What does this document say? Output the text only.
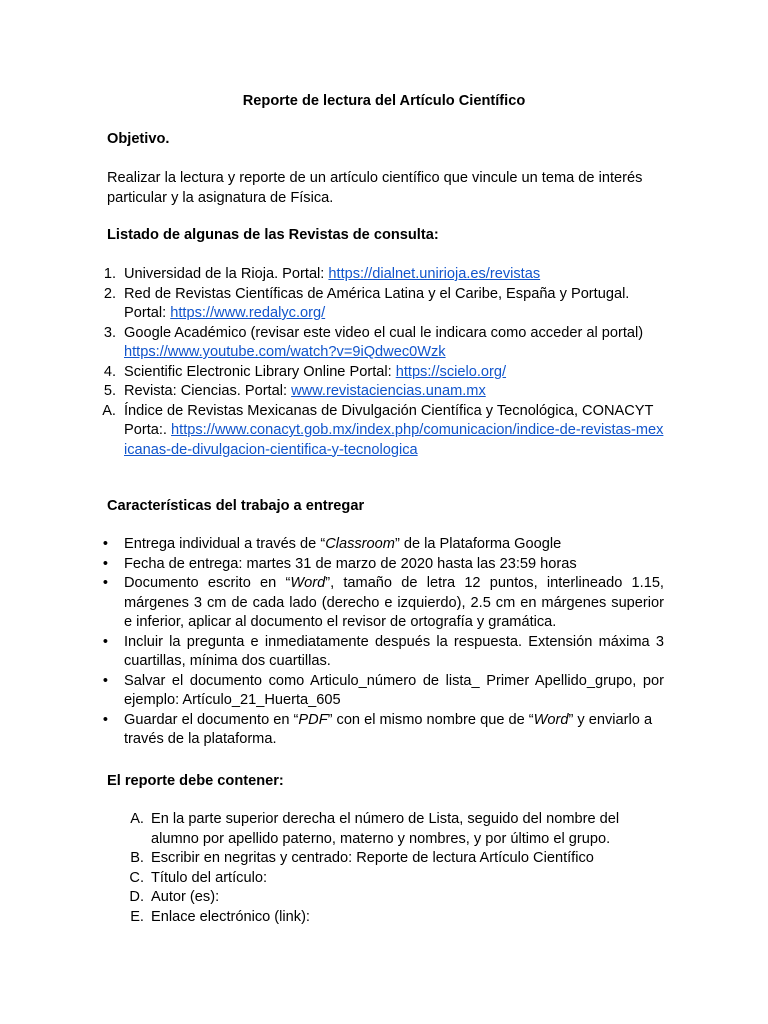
Reporte de lectura del Artículo Científico
Objetivo.
Realizar la lectura y reporte de un artículo científico que vincule un tema de interés particular y la asignatura de Física.
Listado de algunas de las Revistas de consulta:
1. Universidad de la Rioja. Portal: https://dialnet.unirioja.es/revistas
2. Red de Revistas Científicas de América Latina y el Caribe, España y Portugal. Portal: https://www.redalyc.org/
3. Google Académico (revisar este video el cual le indicara como acceder al portal) https://www.youtube.com/watch?v=9iQdwec0Wzk
4. Scientific Electronic Library Online Portal: https://scielo.org/
5. Revista: Ciencias. Portal: www.revistaciencias.unam.mx
A. Índice de Revistas Mexicanas de Divulgación Científica y Tecnológica, CONACYT Porta:. https://www.conacyt.gob.mx/index.php/comunicacion/indice-de-revistas-mexicanas-de-divulgacion-cientifica-y-tecnologica
Características del trabajo a entregar
• Entrega individual a través de “Classroom” de la Plataforma Google
• Fecha de entrega: martes 31 de marzo de 2020 hasta las 23:59 horas
• Documento escrito en “Word”, tamaño de letra 12 puntos, interlineado 1.15, márgenes 3 cm de cada lado (derecho e izquierdo), 2.5 cm en márgenes superior e inferior, aplicar al documento el revisor de ortografía y gramática.
• Incluir la pregunta e inmediatamente después la respuesta. Extensión máxima 3 cuartillas, mínima dos cuartillas.
• Salvar el documento como Articulo_número de lista_ Primer Apellido_grupo, por ejemplo: Artículo_21_Huerta_605
• Guardar el documento en “PDF” con el mismo nombre que de “Word” y enviarlo a través de la plataforma.
El reporte debe contener:
A. En la parte superior derecha el número de Lista, seguido del nombre del alumno por apellido paterno, materno y nombres, y por último el grupo.
B. Escribir en negritas y centrado: Reporte de lectura Artículo Científico
C. Título del artículo:
D. Autor (es):
E. Enlace electrónico (link):
